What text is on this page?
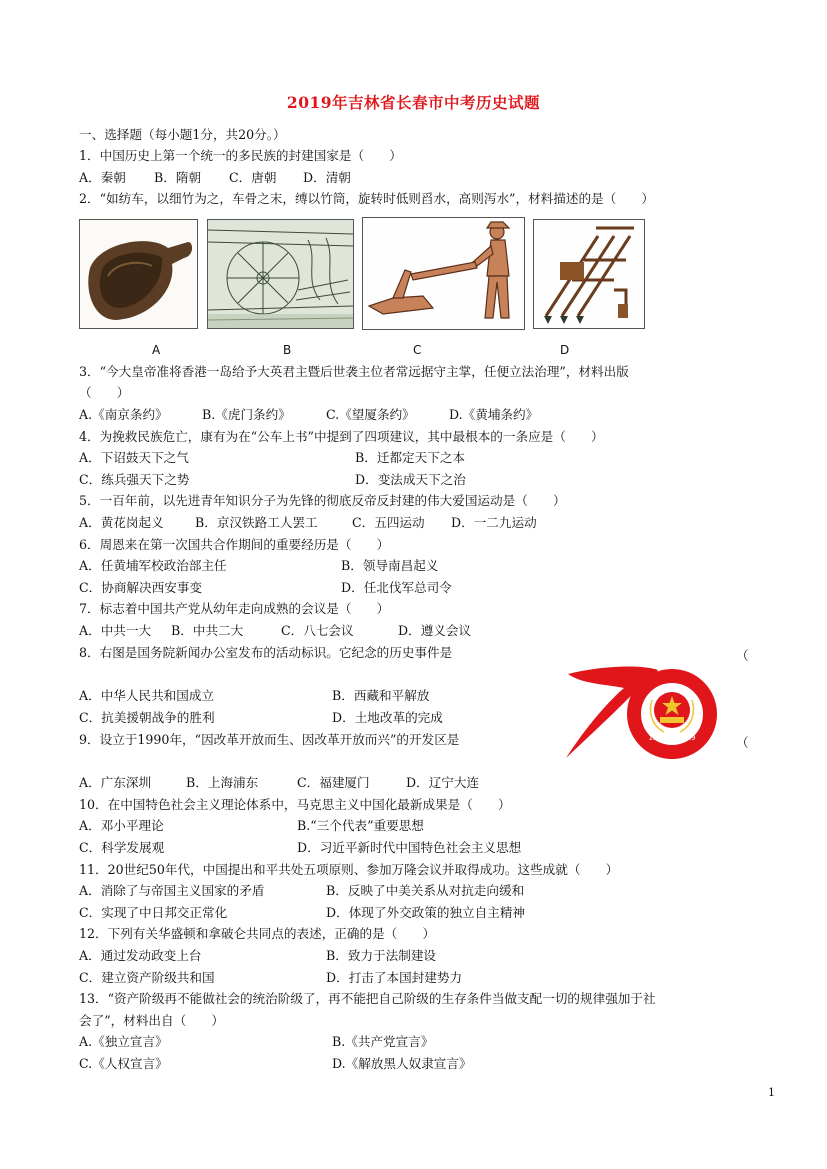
2019年吉林省长春市中考历史试题
一、选择题（每小题1分，共20分。）
1．中国历史上第一个统一的多民族的封建国家是（　　）
A．秦朝 B．隋朝 C．唐朝 D．清朝
2．“如纺车，以细竹为之，车骨之末，缚以竹筒，旋转时低则舀水，高则泻水”，材料描述的是（　　）
A	B	C	D
3．“今大皇帝准将香港一岛给予大英君主暨后世袭主位者常远据守主掌，任便立法治理”，材料出版
（　　）
A.《南京条约》	B.《虎门条约》	C.《望厦条约》	D.《黄埔条约》
4．为挽救民族危亡，康有为在“公车上书”中提到了四项建议，其中最根本的一条应是（　　）
A．下诏鼓天下之气	B．迁都定天下之本
C．练兵强天下之势	D．变法成天下之治
5．一百年前，以先进青年知识分子为先锋的彻底反帝反封建的伟大爱国运动是（　　）
A．黄花岗起义 B．京汉铁路工人罢工	C．五四运动 D．一二九运动
6．周恩来在第一次国共合作期间的重要经历是（　　）
A．任黄埔军校政治部主任	B．领导南昌起义
C．协商解决西安事变	D．任北伐军总司令
7．标志着中国共产党从幼年走向成熟的会议是（　　）
A．中共一大 B．中共二大	C．八七会议	D．遵义会议
8．右图是国务院新闻办公室发布的活动标识。它纪念的历史事件是	（
A．中华人民共和国成立	B．西藏和平解放
C．抗美援朝战争的胜利	D．土地改革的完成
1949 — 2019
9．设立于1990年，“因改革开放而生、因改革开放而兴”的开发区是	（
A．广东深圳	B．上海浦东	C．福建厦门	D．辽宁大连
10．在中国特色社会主义理论体系中，马克思主义中国化最新成果是（　　）
A．邓小平理论	B.“三个代表”重要思想
C．科学发展观	D．习近平新时代中国特色社会主义思想
11．20世纪50年代，中国提出和平共处五项原则、参加万隆会议并取得成功。这些成就（　　）
A．消除了与帝国主义国家的矛盾	B．反映了中美关系从对抗走向缓和
C．实现了中日邦交正常化	D．体现了外交政策的独立自主精神
12．下列有关华盛顿和拿破仑共同点的表述，正确的是（　　）
A．通过发动政变上台	B．致力于法制建设
C．建立资产阶级共和国	D．打击了本国封建势力
13．“资产阶级再不能做社会的统治阶级了，再不能把自己阶级的生存条件当做支配一切的规律强加于社
会了”，材料出自（　　）
A.《独立宣言》	B.《共产党宣言》
C.《人权宣言》	D.《解放黑人奴隶宣言》
1
